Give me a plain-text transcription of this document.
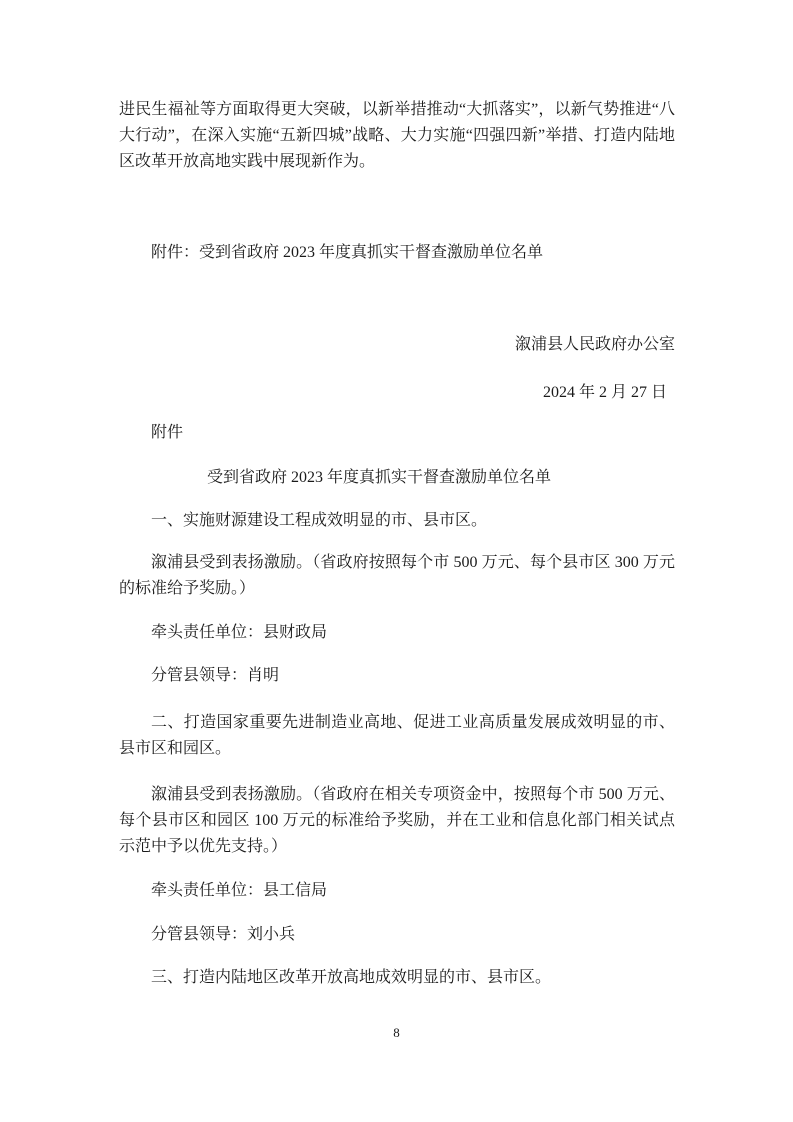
进民生福祉等方面取得更大突破，以新举措推动“大抓落实”，以新气势推进“八大行动”，在深入实施“五新四城”战略、大力实施“四强四新”举措、打造内陆地区改革开放高地实践中展现新作为。

附件：受到省政府 2023 年度真抓实干督查激励单位名单

溆浦县人民政府办公室

2024 年 2 月 27 日

附件

受到省政府 2023 年度真抓实干督查激励单位名单

一、实施财源建设工程成效明显的市、县市区。

溆浦县受到表扬激励。（省政府按照每个市 500 万元、每个县市区 300 万元的标准给予奖励。）

牵头责任单位：县财政局

分管县领导：肖明

二、打造国家重要先进制造业高地、促进工业高质量发展成效明显的市、县市区和园区。

溆浦县受到表扬激励。（省政府在相关专项资金中，按照每个市 500 万元、每个县市区和园区 100 万元的标准给予奖励，并在工业和信息化部门相关试点示范中予以优先支持。）

牵头责任单位：县工信局

分管县领导：刘小兵

三、打造内陆地区改革开放高地成效明显的市、县市区。

8
